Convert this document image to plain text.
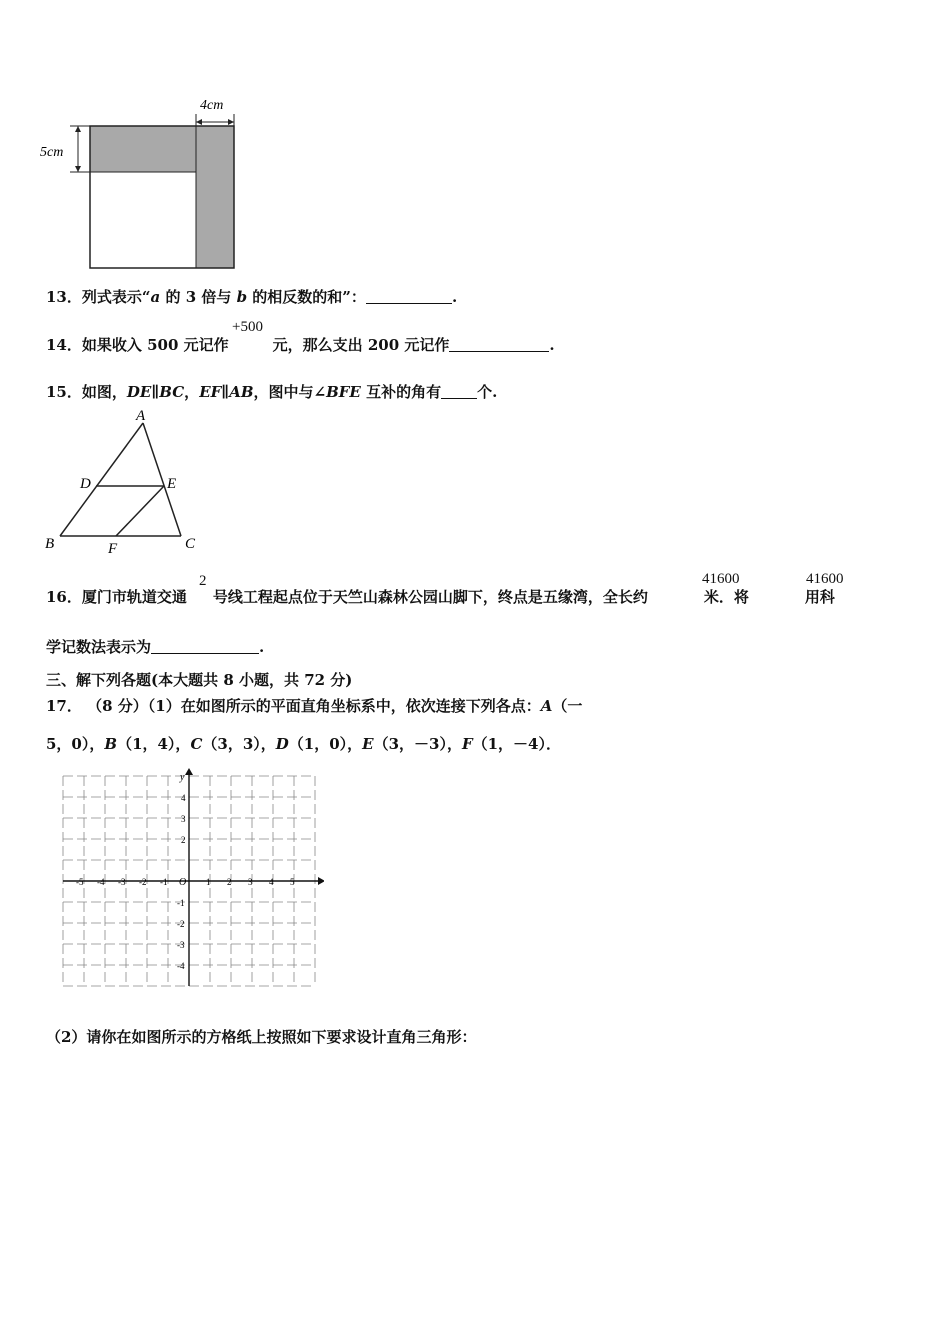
4cm
5cm
13．列式表示“a 的 3 倍与 b 的相反数的和”：	.
14．如果收入 500 元记作	元，那么支出 200 元记作	.
+500
15．如图，DE∥BC，EF∥AB，图中与∠BFE 互补的角有 个.
A
D	E
B	F	C
16．厦门市轨道交通 号线工程起点位于天竺山森林公园山脚下，终点是五缘湾，全长约	米．将	用科
2	41600	41600
学记数法表示为	.
三、解下列各题(本大题共 8 小题，共 72 分)
17． （8 分）（1）在如图所示的平面直角坐标系中，依次连接下列各点：A（一
5，0），B（1，4），C（3，3），D（1，0），E（3，－3），F（1，－4）．
y
O
4
3
2
-1
-2
-3
-4
-5 -4 -3 -2 -1	1 2 3 4 5
（2）请你在如图所示的方格纸上按照如下要求设计直角三角形：
